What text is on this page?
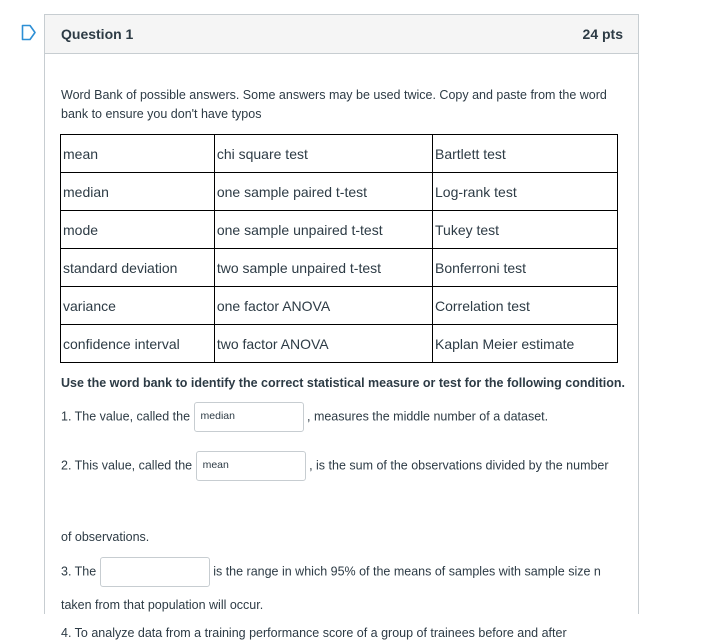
Question 1	24 pts
Word Bank of possible answers. Some answers may be used twice. Copy and paste from the word bank to ensure you don't have typos
mean	chi square test	Bartlett test
median	one sample paired t-test	Log-rank test
mode	one sample unpaired t-test	Tukey test
standard deviation	two sample unpaired t-test	Bonferroni test
variance	one factor ANOVA	Correlation test
confidence interval	two factor ANOVA	Kaplan Meier estimate
Use the word bank to identify the correct statistical measure or test for the following condition.
1. The value, called the median	, measures the middle number of a dataset.
2. This value, called the mean	, is the sum of the observations divided by the number
of observations.
3. The	is the range in which 95% of the means of samples with sample size n
taken from that population will occur.
4. To analyze data from a training performance score of a group of trainees before and after
